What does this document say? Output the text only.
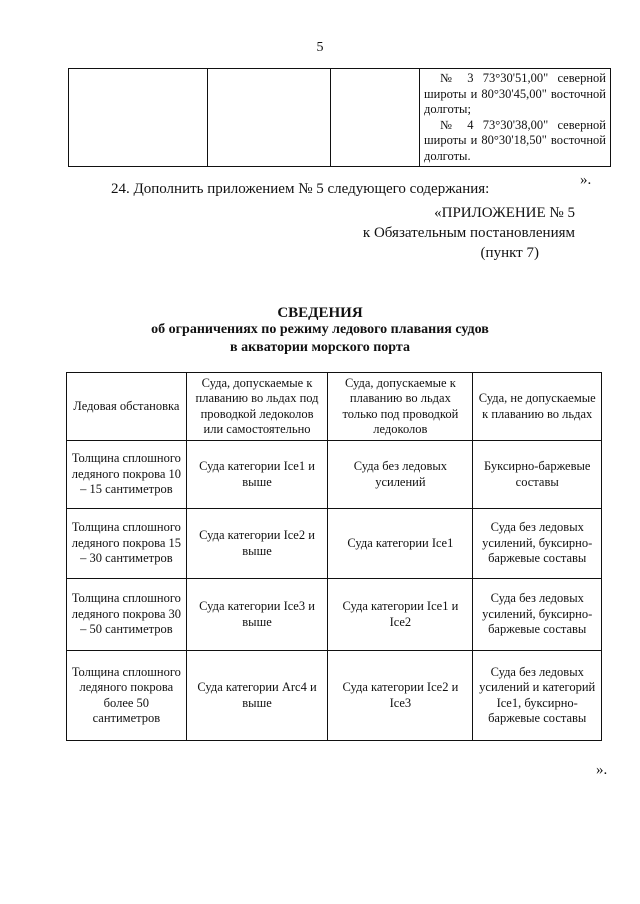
5

№ 3 73°30'51,00" северной широты и 80°30'45,00" восточной долготы;

№ 4 73°30'38,00" северной широты и 80°30'18,50" восточной долготы.

».
24. Дополнить приложением № 5 следующего содержания:
«ПРИЛОЖЕНИЕ № 5
к Обязательным постановлениям
(пункт 7)
СВЕДЕНИЯ
об ограничениях по режиму ледового плавания судов
в акватории морского порта
Ледовая обстановка	Суда, допускаемые к плаванию во льдах под проводкой ледоколов или самостоятельно	Суда, допускаемые к плаванию во льдах только под проводкой ледоколов	Суда, не допускаемые к плаванию во льдах
Толщина сплошного ледяного покрова 10 – 15 сантиметров	Суда категории Ice1 и выше	Суда без ледовых усилений	Буксирно-баржевые составы
Толщина сплошного ледяного покрова 15 – 30 сантиметров	Суда категории Ice2 и выше	Суда категории Ice1	Суда без ледовых усилений, буксирно-баржевые составы
Толщина сплошного ледяного покрова 30 – 50 сантиметров	Суда категории Ice3 и выше	Суда категории Ice1 и Ice2	Суда без ледовых усилений, буксирно-баржевые составы
Толщина сплошного ледяного покрова более 50 сантиметров	Суда категории Arc4 и выше	Суда категории Ice2 и Ice3	Суда без ледовых усилений и категорий Ice1, буксирно-баржевые составы
».
